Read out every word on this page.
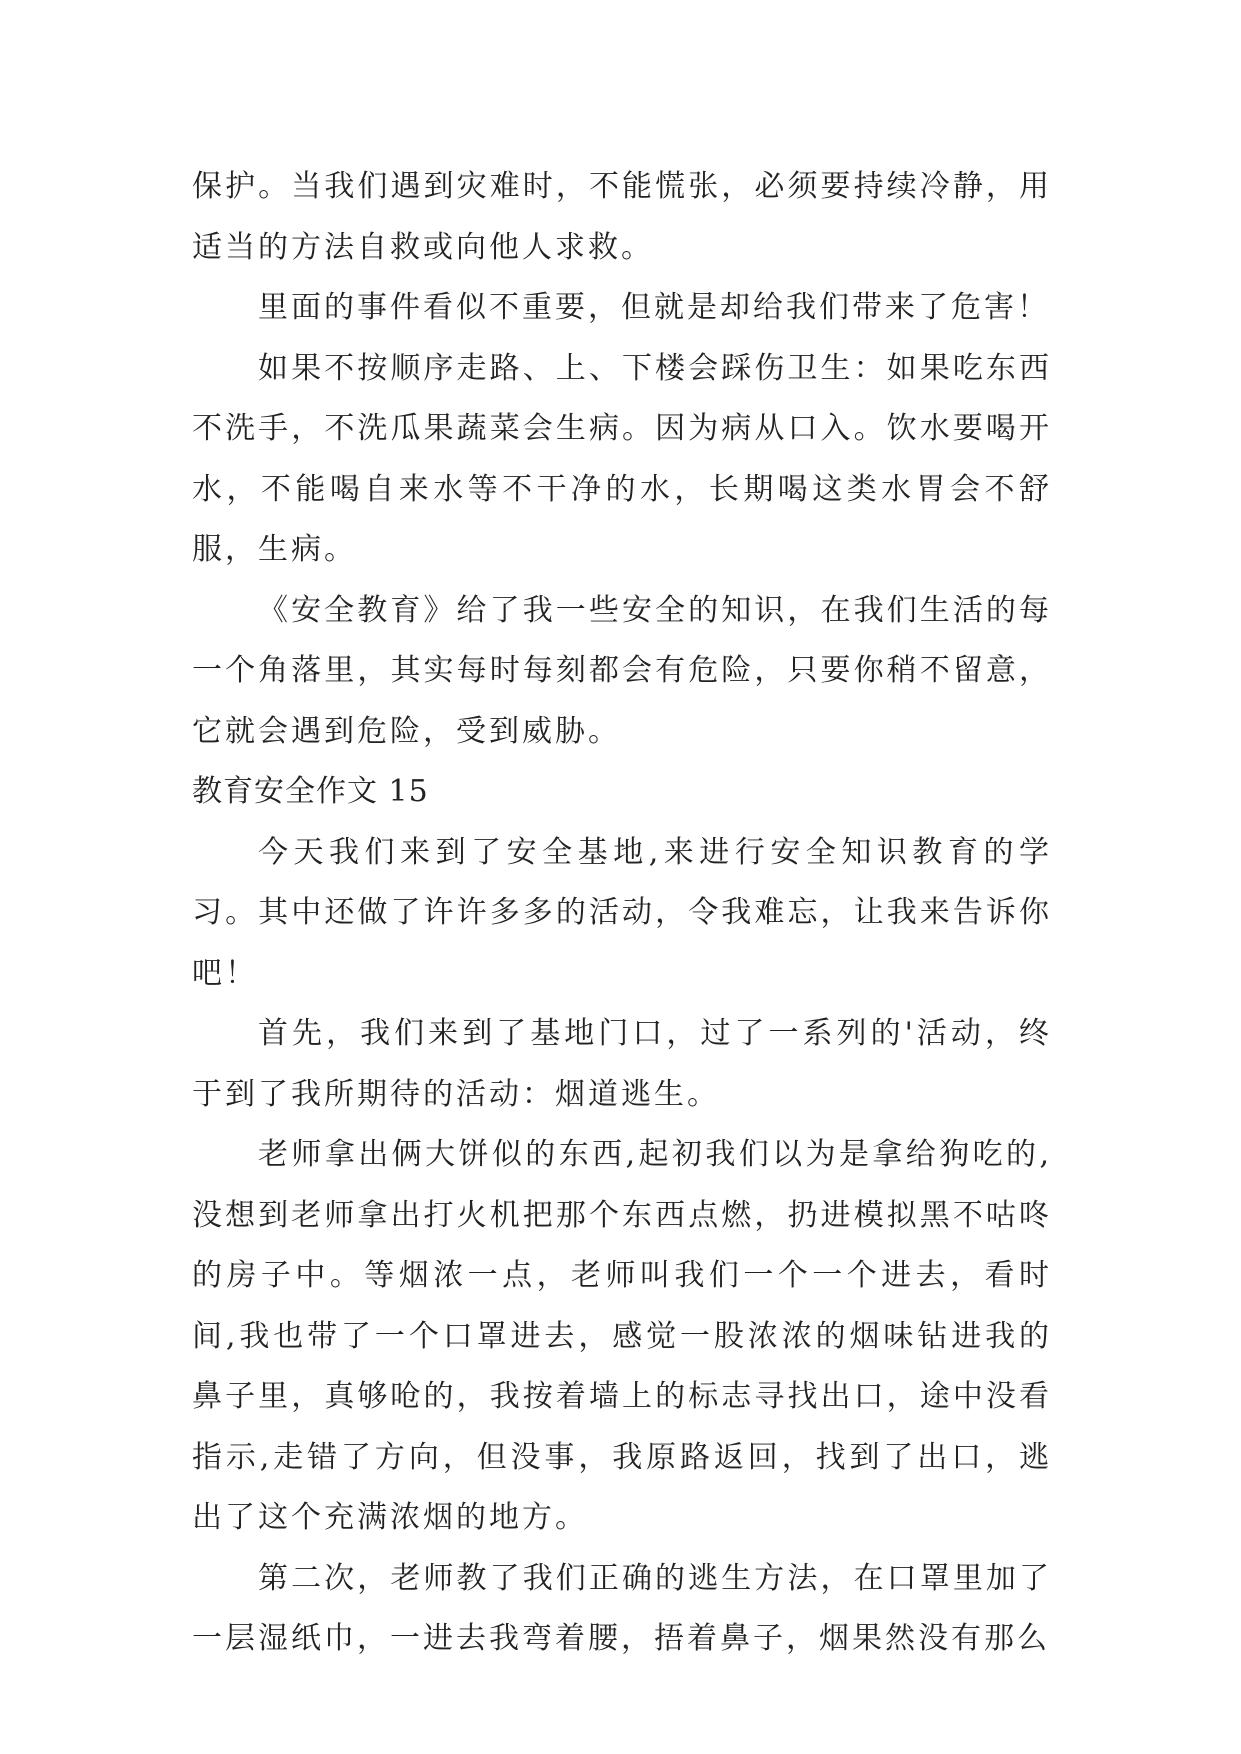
保护。当我们遇到灾难时，不能慌张，必须要持续冷静，用适当的方法自救或向他人求救。

里面的事件看似不重要，但就是却给我们带来了危害！

如果不按顺序走路、上、下楼会踩伤卫生：如果吃东西不洗手，不洗瓜果蔬菜会生病。因为病从口入。饮水要喝开水，不能喝自来水等不干净的水，长期喝这类水胃会不舒服，生病。

《安全教育》给了我一些安全的知识，在我们生活的每一个角落里，其实每时每刻都会有危险，只要你稍不留意，它就会遇到危险，受到威胁。

教育安全作文 15

今天我们来到了安全基地,来进行安全知识教育的学习。其中还做了许许多多的活动，令我难忘，让我来告诉你吧！

首先，我们来到了基地门口，过了一系列的'活动，终于到了我所期待的活动：烟道逃生。

老师拿出俩大饼似的东西,起初我们以为是拿给狗吃的,没想到老师拿出打火机把那个东西点燃，扔进模拟黑不咕咚的房子中。等烟浓一点，老师叫我们一个一个进去，看时间,我也带了一个口罩进去，感觉一股浓浓的烟味钻进我的鼻子里，真够呛的，我按着墙上的标志寻找出口，途中没看指示,走错了方向，但没事，我原路返回，找到了出口，逃出了这个充满浓烟的地方。

第二次，老师教了我们正确的逃生方法，在口罩里加了一层湿纸巾，一进去我弯着腰，捂着鼻子，烟果然没有那么
